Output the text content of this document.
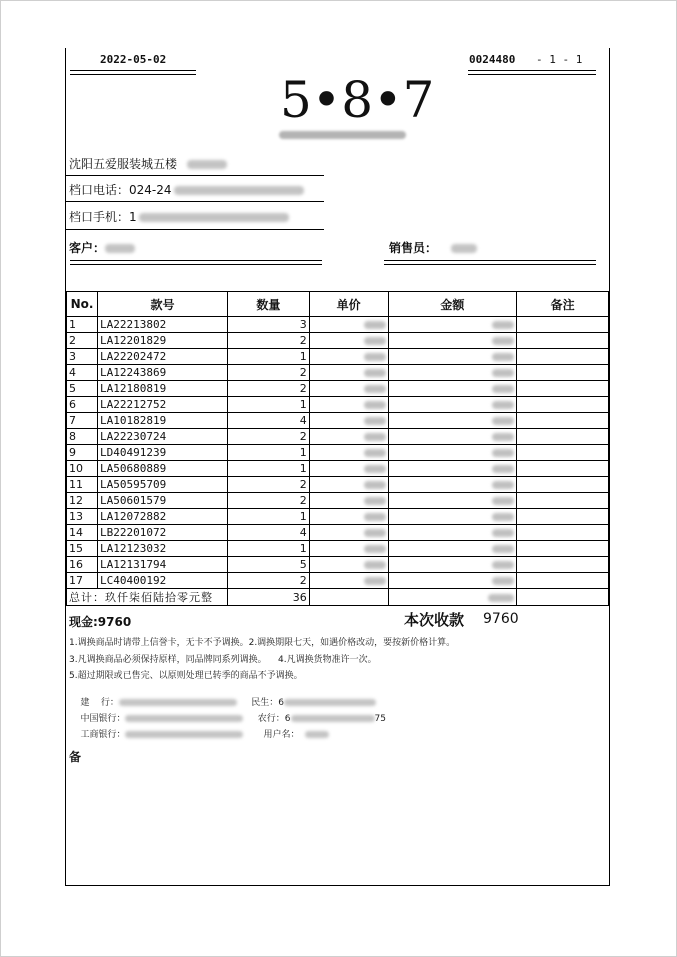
2022-05-02	0024480 - 1 - 1
5•8•7
沈阳五爱服装城五楼
档口电话：024-24
档口手机：1
客户：	销售员：
No.	款号	数量	单价	金额	备注
1	LA22213802	3			
2	LA12201829	2			
3	LA22202472	1			
4	LA12243869	2			
5	LA12180819	2			
6	LA22212752	1			
7	LA10182819	4			
8	LA22230724	2			
9	LD40491239	1			
10	LA50680889	1			
11	LA50595709	2			
12	LA50601579	2			
13	LA12072882	1			
14	LB22201072	4			
15	LA12123032	1			
16	LA12131794	5			
17	LC40400192	2			
总计：玖仟柒佰陆拾零元整		36			
现金:9760	本次收款 9760
1.调换商品时请带上信誉卡，无卡不予调换。2.调换期限七天，如遇价格改动，要按新价格计算。
3.凡调换商品必须保持原样，同品牌同系列调换。    4.凡调换货物准许一次。
5.超过期限或已售完、以原则处理已转季的商品不予调换。

建    行：	民生：6

中国银行：	农行：6	75

工商银行：	用户名：

备
